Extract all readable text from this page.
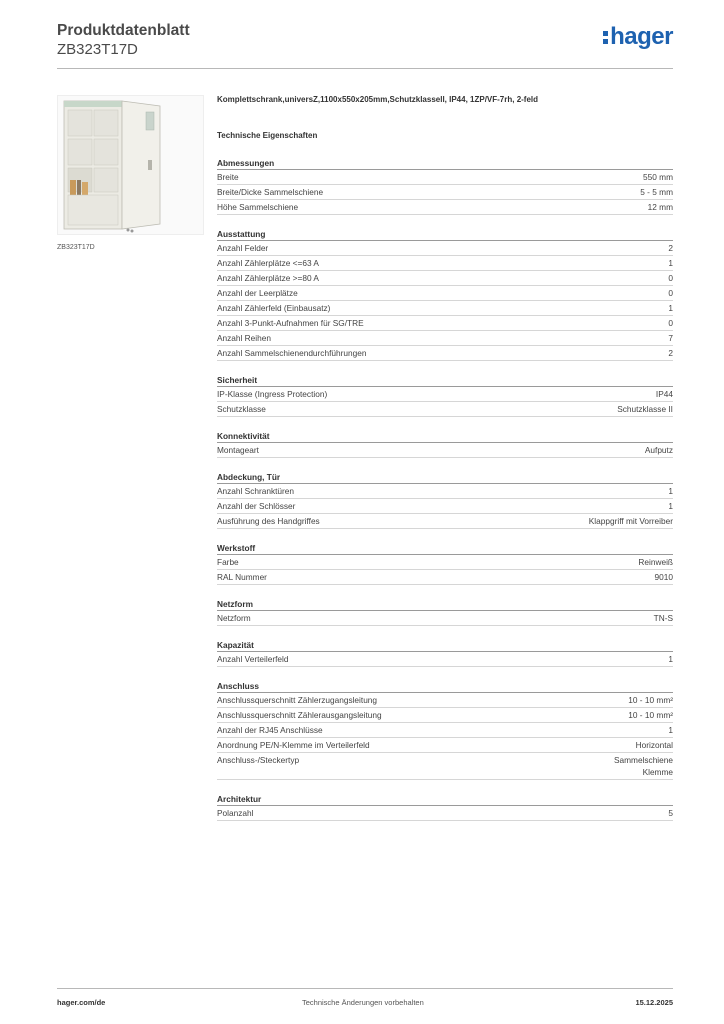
Produktdatenblatt
ZB323T17D	hager
ZB323T17D
Komplettschrank,universZ,1100x550x205mm,Schutzklassell, IP44, 1ZP/VF-7rh, 2-feld
Technische Eigenschaften
Abmessungen
Breite	550 mm
Breite/Dicke Sammelschiene	5 - 5 mm
Höhe Sammelschiene	12 mm
Ausstattung
Anzahl Felder	2
Anzahl Zählerplätze <=63 A	1
Anzahl Zählerplätze >=80 A	0
Anzahl der Leerplätze	0
Anzahl Zählerfeld (Einbausatz)	1
Anzahl 3-Punkt-Aufnahmen für SG/TRE	0
Anzahl Reihen	7
Anzahl Sammelschienendurchführungen	2
Sicherheit
IP-Klasse (Ingress Protection)	IP44
Schutzklasse	Schutzklasse II
Konnektivität
Montageart	Aufputz
Abdeckung, Tür
Anzahl Schranktüren	1
Anzahl der Schlösser	1
Ausführung des Handgriffes	Klappgriff mit Vorreiber
Werkstoff
Farbe	Reinweiß
RAL Nummer	9010
Netzform
Netzform	TN-S
Kapazität
Anzahl Verteilerfeld	1
Anschluss
Anschlussquerschnitt Zählerzugangsleitung	10 - 10 mm²
Anschlussquerschnitt Zählerausgangsleitung	10 - 10 mm²
Anzahl der RJ45 Anschlüsse	1
Anordnung PE/N-Klemme im Verteilerfeld	Horizontal
Anschluss-/Steckertyp	Sammelschiene
Klemme
Architektur
Polanzahl	5
hager.com/de	Technische Änderungen vorbehalten	15.12.2025
